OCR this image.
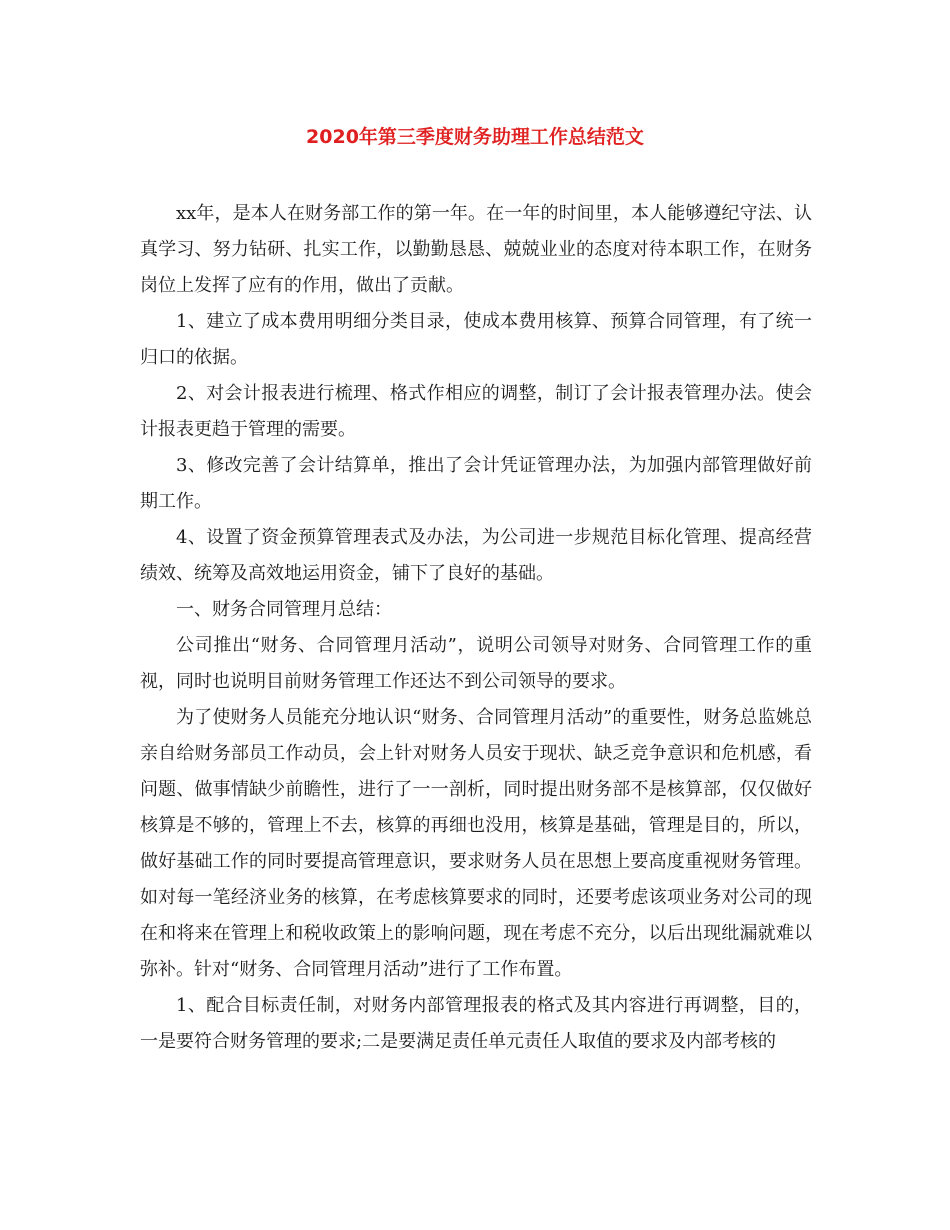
2020年第三季度财务助理工作总结范文

xx年，是本人在财务部工作的第一年。在一年的时间里，本人能够遵纪守法、认真学习、努力钻研、扎实工作，以勤勤恳恳、兢兢业业的态度对待本职工作，在财务岗位上发挥了应有的作用，做出了贡献。

1、建立了成本费用明细分类目录，使成本费用核算、预算合同管理，有了统一归口的依据。

2、对会计报表进行梳理、格式作相应的调整，制订了会计报表管理办法。使会计报表更趋于管理的需要。

3、修改完善了会计结算单，推出了会计凭证管理办法，为加强内部管理做好前期工作。

4、设置了资金预算管理表式及办法，为公司进一步规范目标化管理、提高经营绩效、统筹及高效地运用资金，铺下了良好的基础。

一、财务合同管理月总结：

公司推出“财务、合同管理月活动”，说明公司领导对财务、合同管理工作的重视，同时也说明目前财务管理工作还达不到公司领导的要求。

为了使财务人员能充分地认识“财务、合同管理月活动”的重要性，财务总监姚总亲自给财务部员工作动员，会上针对财务人员安于现状、缺乏竞争意识和危机感，看问题、做事情缺少前瞻性，进行了一一剖析，同时提出财务部不是核算部，仅仅做好核算是不够的，管理上不去，核算的再细也没用，核算是基础，管理是目的，所以，做好基础工作的同时要提高管理意识，要求财务人员在思想上要高度重视财务管理。如对每一笔经济业务的核算，在考虑核算要求的同时，还要考虑该项业务对公司的现在和将来在管理上和税收政策上的影响问题，现在考虑不充分，以后出现纰漏就难以弥补。针对“财务、合同管理月活动”进行了工作布置。

1、配合目标责任制，对财务内部管理报表的格式及其内容进行再调整，目的，一是要符合财务管理的要求;二是要满足责任单元责任人取值的要求及内部考核的
